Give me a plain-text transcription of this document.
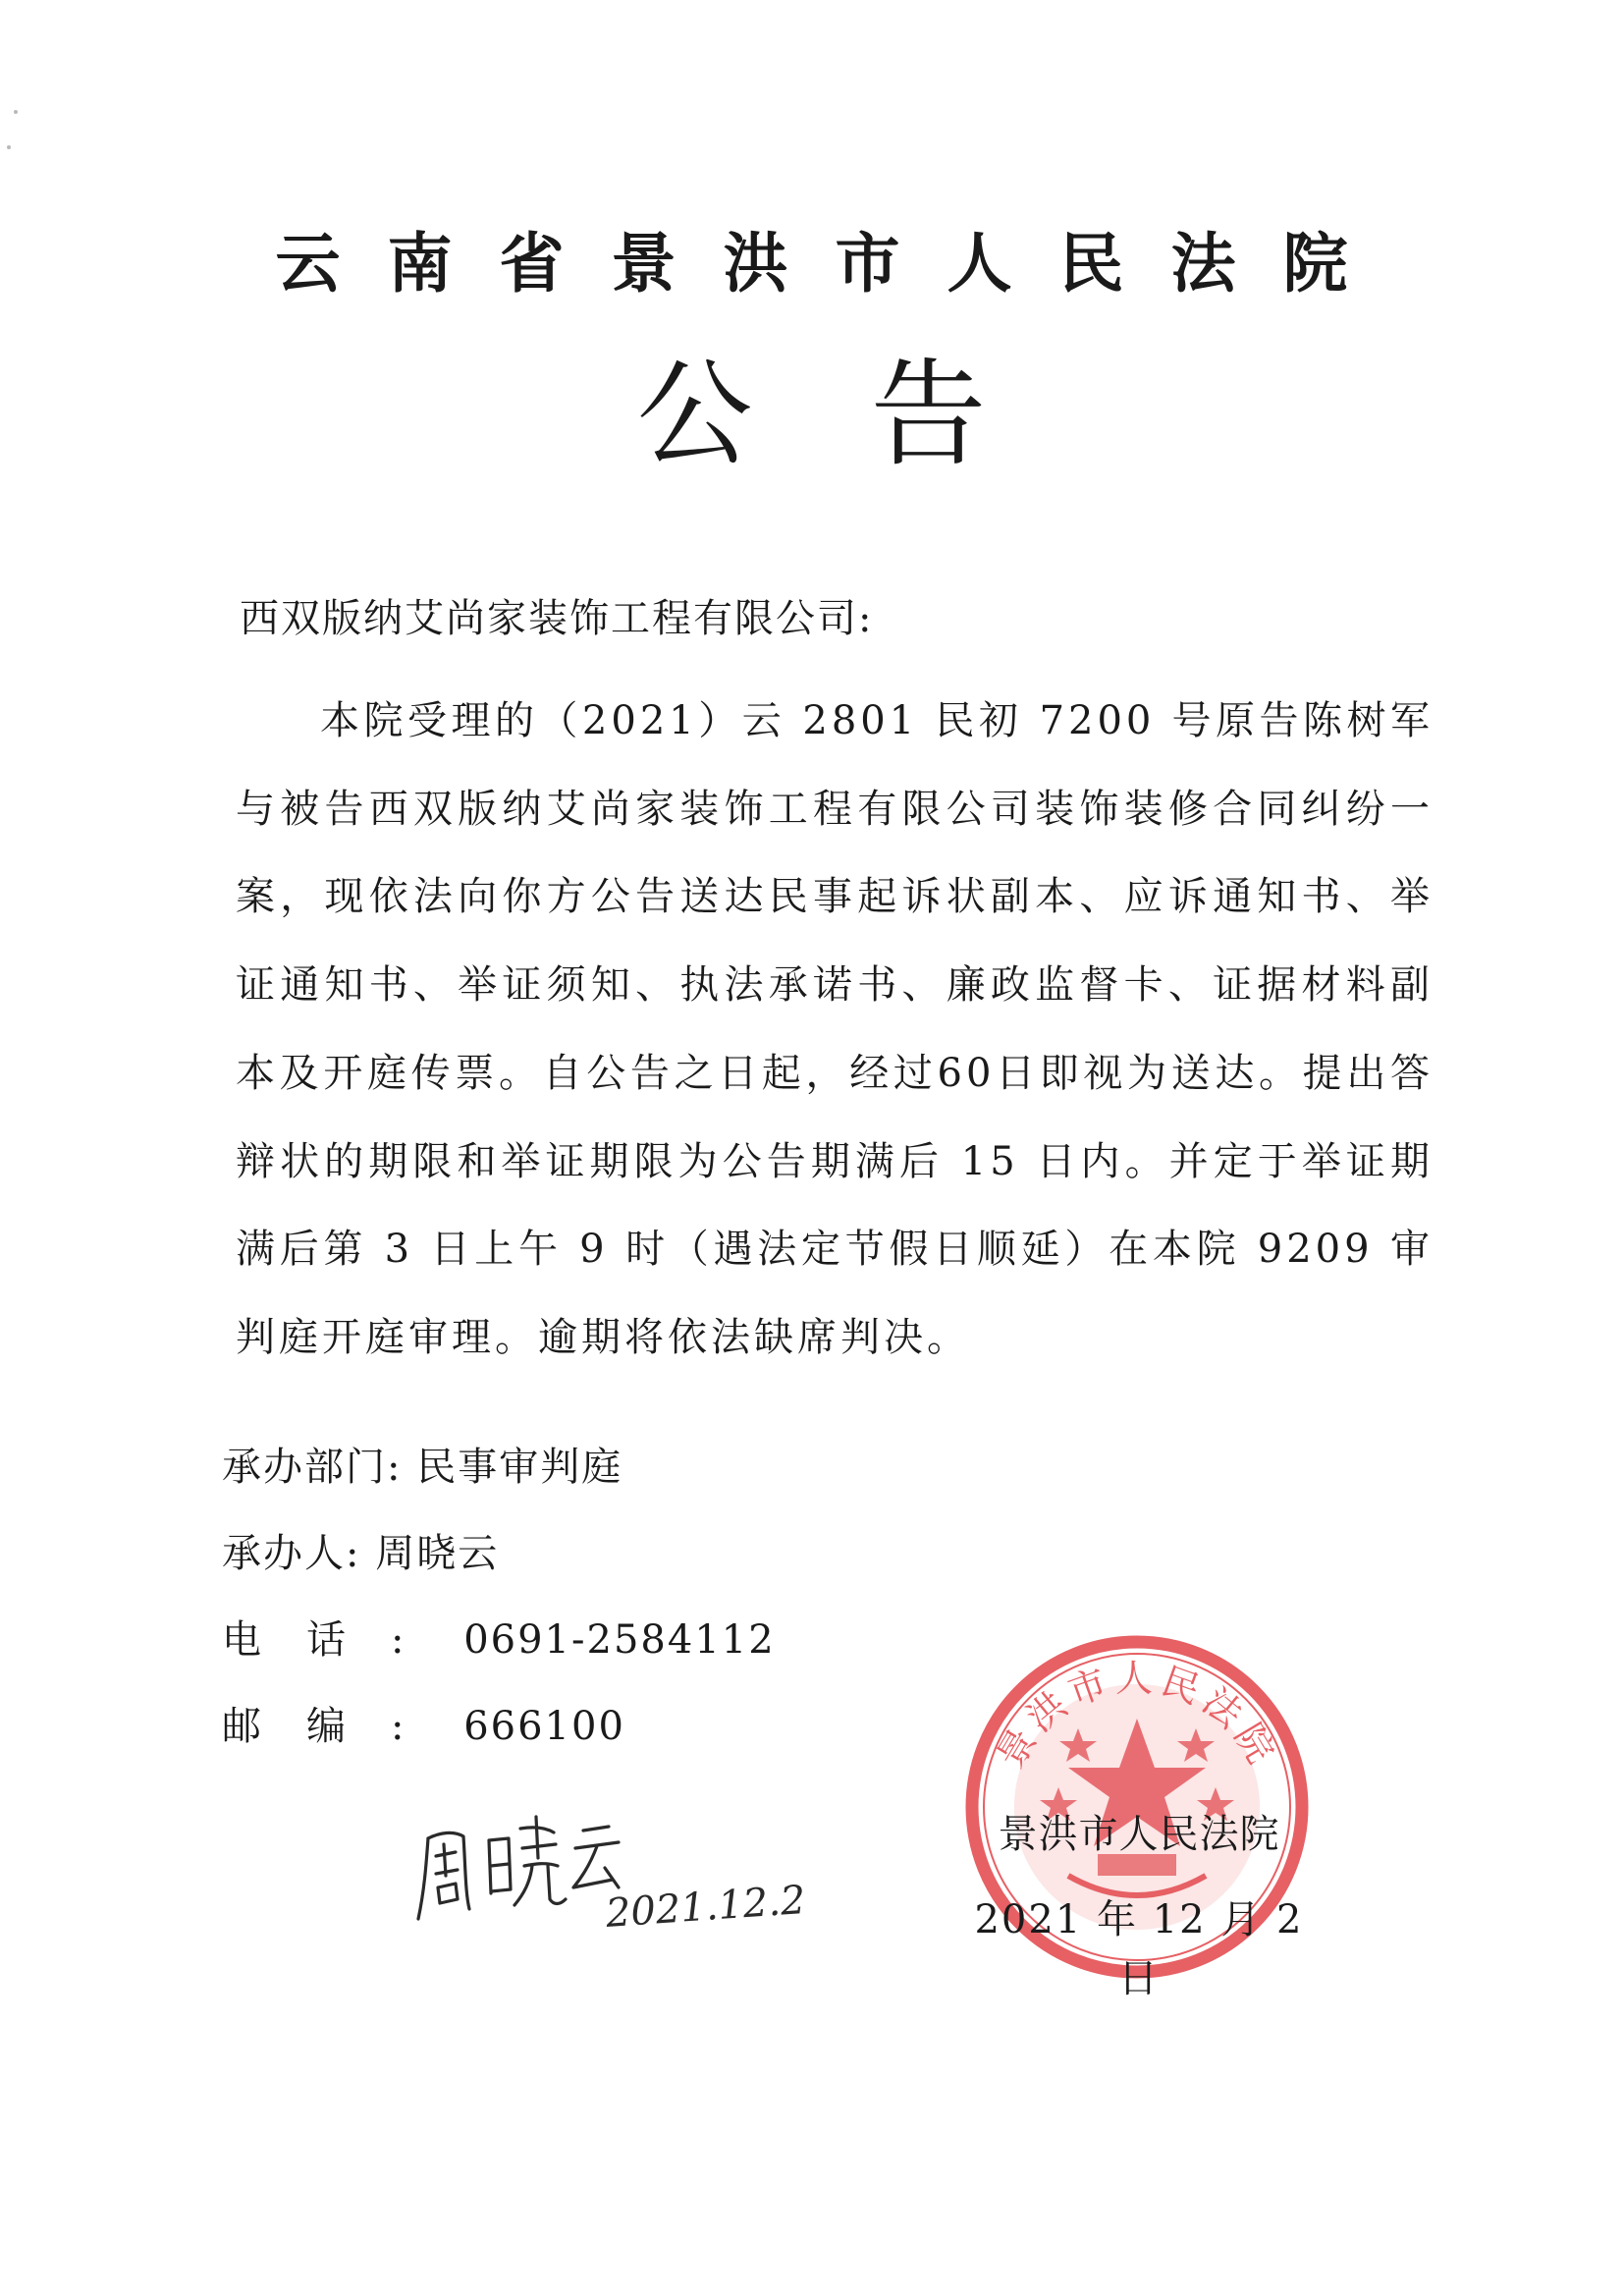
云南省景洪市人民法院
公告
西双版纳艾尚家装饰工程有限公司:
本院受理的（2021）云 2801 民初 7200 号原告陈树军与被告西双版纳艾尚家装饰工程有限公司装饰装修合同纠纷一案，现依法向你方公告送达民事起诉状副本、应诉通知书、举证通知书、举证须知、执法承诺书、廉政监督卡、证据材料副本及开庭传票。自公告之日起，经过60日即视为送达。提出答辩状的期限和举证期限为公告期满后 15 日内。并定于举证期满后第 3 日上午 9 时（遇法定节假日顺延）在本院 9209 审判庭开庭审理。逾期将依法缺席判决。
承办部门: 民事审判庭
承办人: 周晓云
电话: 0691-2584112
邮编: 666100
2021.12.2
景洪市人民法院
景洪市人民法院
2021 年 12 月 2 日
